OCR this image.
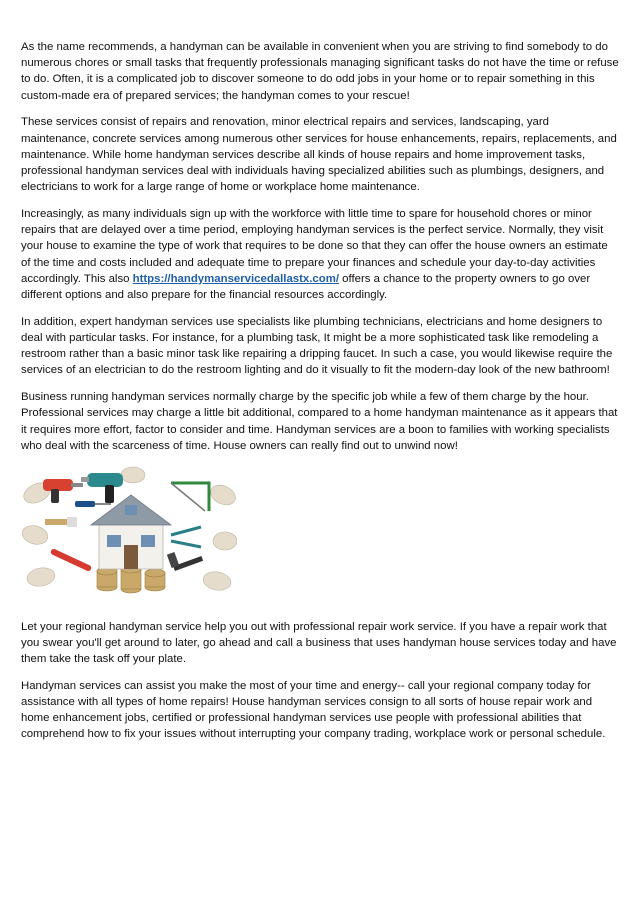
As the name recommends, a handyman can be available in convenient when you are striving to find somebody to do numerous chores or small tasks that frequently professionals managing significant tasks do not have the time or refuse to do. Often, it is a complicated job to discover someone to do odd jobs in your home or to repair something in this custom-made era of prepared services; the handyman comes to your rescue!

These services consist of repairs and renovation, minor electrical repairs and services, landscaping, yard maintenance, concrete services among numerous other services for house enhancements, repairs, replacements, and maintenance. While home handyman services describe all kinds of house repairs and home improvement tasks, professional handyman services deal with individuals having specialized abilities such as plumbings, designers, and electricians to work for a large range of home or workplace home maintenance.

Increasingly, as many individuals sign up with the workforce with little time to spare for household chores or minor repairs that are delayed over a time period, employing handyman services is the perfect service. Normally, they visit your house to examine the type of work that requires to be done so that they can offer the house owners an estimate of the time and costs included and adequate time to prepare your finances and schedule your day-to-day activities accordingly. This also https://handymanservicedallastx.com/ offers a chance to the property owners to go over different options and also prepare for the financial resources accordingly.

In addition, expert handyman services use specialists like plumbing technicians, electricians and home designers to deal with particular tasks. For instance, for a plumbing task, It might be a more sophisticated task like remodeling a restroom rather than a basic minor task like repairing a dripping faucet. In such a case, you would likewise require the services of an electrician to do the restroom lighting and do it visually to fit the modern-day look of the new bathroom!

Business running handyman services normally charge by the specific job while a few of them charge by the hour. Professional services may charge a little bit additional, compared to a home handyman maintenance as it appears that it requires more effort, factor to consider and time. Handyman services are a boon to families with working specialists who deal with the scarceness of time. House owners can really find out to unwind now!

Let your regional handyman service help you out with professional repair work service. If you have a repair work that you swear you'll get around to later, go ahead and call a business that uses handyman house services today and have them take the task off your plate.

Handyman services can assist you make the most of your time and energy-- call your regional company today for assistance with all types of home repairs! House handyman services consign to all sorts of house repair work and home enhancement jobs, certified or professional handyman services use people with professional abilities that comprehend how to fix your issues without interrupting your company trading, workplace work or personal schedule.
